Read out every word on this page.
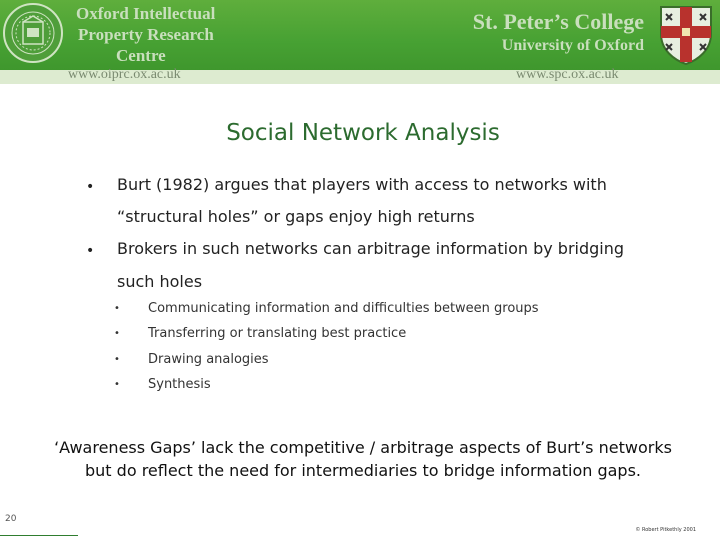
www.oiprc.ox.ac.uk	www.spc.ox.ac.uk
Oxford Intellectual
Property Research
Centre
St. Peter’s College
University of Oxford
Social Network Analysis
• Burt (1982) argues that players with access to networks with
“structural holes” or gaps enjoy high returns
• Brokers in such networks can arbitrage information by bridging
such holes
• Communicating information and difficulties between groups
• Transferring or translating best practice
• Drawing analogies
• Synthesis
‘Awareness Gaps’ lack the competitive / arbitrage aspects of Burt’s networks
but do reflect the need for intermediaries to bridge information gaps.
20
© Robert Pitkethly 2001
